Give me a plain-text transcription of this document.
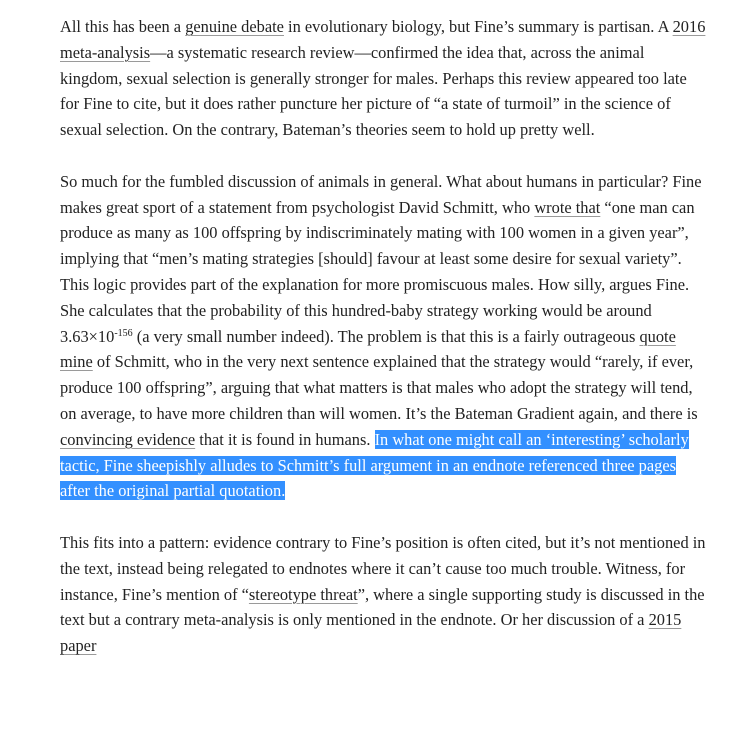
All this has been a genuine debate in evolutionary biology, but Fine’s summary is partisan. A 2016 meta-analysis—a systematic research review—confirmed the idea that, across the animal kingdom, sexual selection is generally stronger for males. Perhaps this review appeared too late for Fine to cite, but it does rather puncture her picture of “a state of turmoil” in the science of sexual selection. On the contrary, Bateman’s theories seem to hold up pretty well.

So much for the fumbled discussion of animals in general. What about humans in particular? Fine makes great sport of a statement from psychologist David Schmitt, who wrote that “one man can produce as many as 100 offspring by indiscriminately mating with 100 women in a given year”, implying that “men’s mating strategies [should] favour at least some desire for sexual variety”. This logic provides part of the explanation for more promiscuous males. How silly, argues Fine. She calculates that the probability of this hundred-baby strategy working would be around $3.63\times 10^{-156}$ (a very small number indeed). The problem is that this is a fairly outrageous quote mine of Schmitt, who in the very next sentence explained that the strategy would “rarely, if ever, produce 100 offspring”, arguing that what matters is that males who adopt the strategy will tend, on average, to have more children than will women. It’s the Bateman Gradient again, and there is convincing evidence that it is found in humans. In what one might call an ‘interesting’ scholarly tactic, Fine sheepishly alludes to Schmitt’s full argument in an endnote referenced three pages after the original partial quotation.

This fits into a pattern: evidence contrary to Fine’s position is often cited, but it’s not mentioned in the text, instead being relegated to endnotes where it can’t cause too much trouble. Witness, for instance, Fine’s mention of “stereotype threat”, where a single supporting study is discussed in the text but a contrary meta-analysis is only mentioned in the endnote. Or her discussion of a 2015 paper
